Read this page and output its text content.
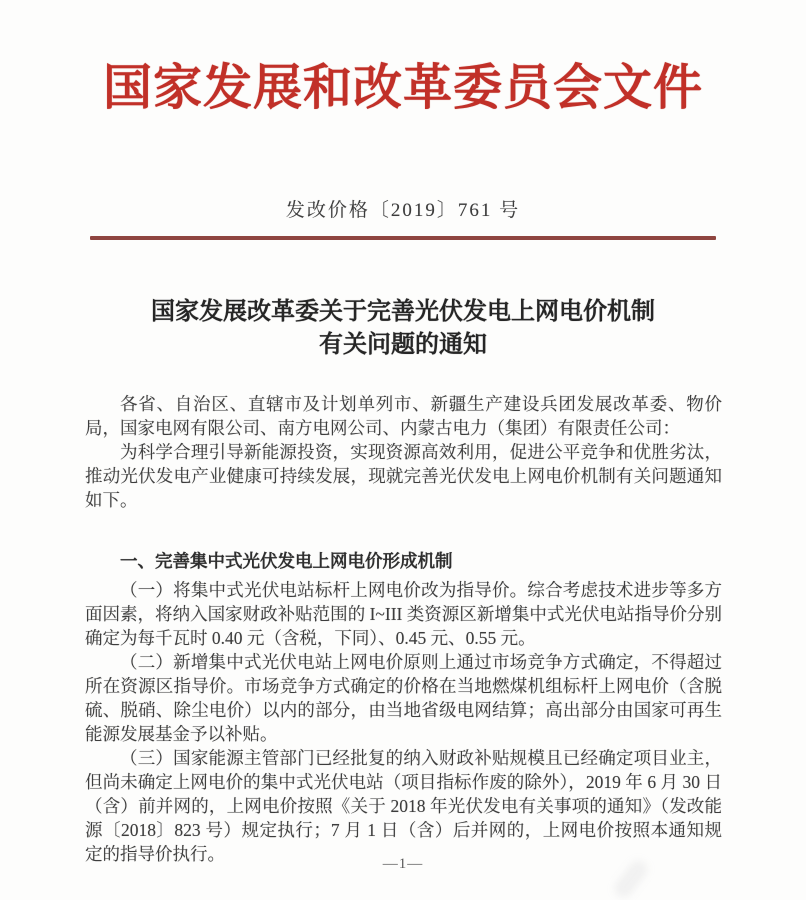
国家发展和改革委员会文件
发改价格〔2019〕761 号
国家发展改革委关于完善光伏发电上网电价机制
有关问题的通知

各省、自治区、直辖市及计划单列市、新疆生产建设兵团发展改革委、物价局，国家电网有限公司、南方电网公司、内蒙古电力（集团）有限责任公司：

为科学合理引导新能源投资，实现资源高效利用，促进公平竞争和优胜劣汰，推动光伏发电产业健康可持续发展，现就完善光伏发电上网电价机制有关问题通知如下。

一、完善集中式光伏发电上网电价形成机制

（一）将集中式光伏电站标杆上网电价改为指导价。综合考虑技术进步等多方面因素，将纳入国家财政补贴范围的 I~III 类资源区新增集中式光伏电站指导价分别确定为每千瓦时 0.40 元（含税，下同）、0.45 元、0.55 元。

（二）新增集中式光伏电站上网电价原则上通过市场竞争方式确定，不得超过所在资源区指导价。市场竞争方式确定的价格在当地燃煤机组标杆上网电价（含脱硫、脱硝、除尘电价）以内的部分，由当地省级电网结算；高出部分由国家可再生能源发展基金予以补贴。

（三）国家能源主管部门已经批复的纳入财政补贴规模且已经确定项目业主，但尚未确定上网电价的集中式光伏电站（项目指标作废的除外），2019 年 6 月 30 日（含）前并网的，上网电价按照《关于 2018 年光伏发电有关事项的通知》（发改能源〔2018〕823 号）规定执行；7 月 1 日（含）后并网的，上网电价按照本通知规定的指导价执行。	—1—
